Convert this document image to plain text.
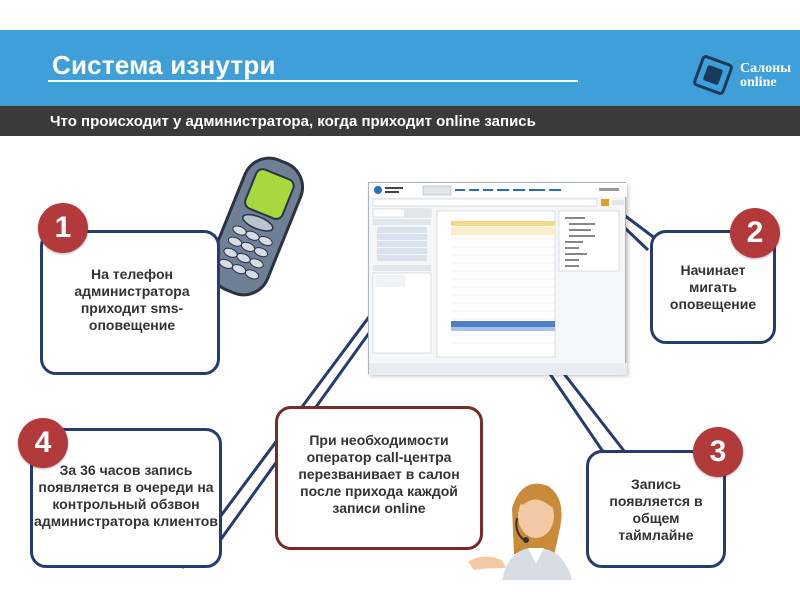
Система изнутри	Салоны
online
Что происходит у администратора, когда приходит online запись
На телефон администратора приходит sms-оповещение
1
Начинает мигать оповещение
2
Запись появляется в общем таймлайне
3
За 36 часов запись появляется в очереди на контрольный обзвон администратора клиентов
4	При необходимости оператор call-центра перезванивает в салон после прихода каждой записи online
